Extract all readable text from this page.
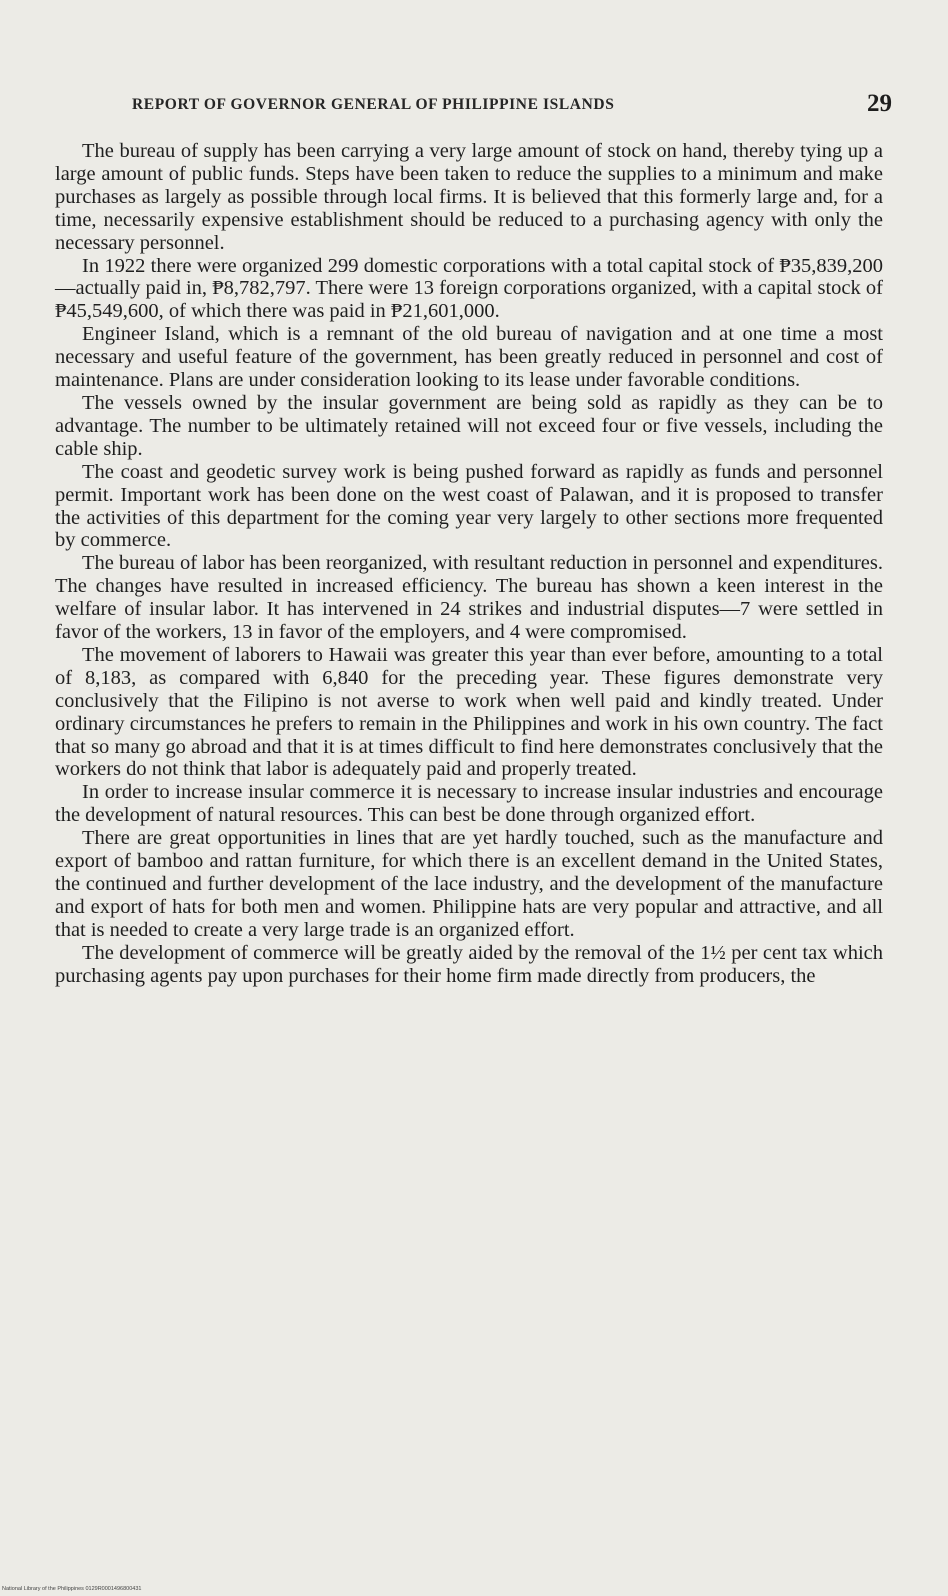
REPORT OF GOVERNOR GENERAL OF PHILIPPINE ISLANDS	29

The bureau of supply has been carrying a very large amount of stock on hand, thereby tying up a large amount of public funds. Steps have been taken to reduce the supplies to a minimum and make purchases as largely as possible through local firms. It is believed that this formerly large and, for a time, necessarily expensive establishment should be reduced to a purchasing agency with only the necessary personnel.

In 1922 there were organized 299 domestic corporations with a total capital stock of ₱35,839,200—actually paid in, ₱8,782,797. There were 13 foreign corporations organized, with a capital stock of ₱45,549,600, of which there was paid in ₱21,601,000.

Engineer Island, which is a remnant of the old bureau of navigation and at one time a most necessary and useful feature of the government, has been greatly reduced in personnel and cost of maintenance. Plans are under consideration looking to its lease under favorable conditions.

The vessels owned by the insular government are being sold as rapidly as they can be to advantage. The number to be ultimately retained will not exceed four or five vessels, including the cable ship.

The coast and geodetic survey work is being pushed forward as rapidly as funds and personnel permit. Important work has been done on the west coast of Palawan, and it is proposed to transfer the activities of this department for the coming year very largely to other sections more frequented by commerce.

The bureau of labor has been reorganized, with resultant reduction in personnel and expenditures. The changes have resulted in increased efficiency. The bureau has shown a keen interest in the welfare of insular labor. It has intervened in 24 strikes and industrial disputes—7 were settled in favor of the workers, 13 in favor of the employers, and 4 were compromised.

The movement of laborers to Hawaii was greater this year than ever before, amounting to a total of 8,183, as compared with 6,840 for the preceding year. These figures demonstrate very conclusively that the Filipino is not averse to work when well paid and kindly treated. Under ordinary circumstances he prefers to remain in the Philippines and work in his own country. The fact that so many go abroad and that it is at times difficult to find here demonstrates conclusively that the workers do not think that labor is adequately paid and properly treated.

In order to increase insular commerce it is necessary to increase insular industries and encourage the development of natural resources. This can best be done through organized effort.

There are great opportunities in lines that are yet hardly touched, such as the manufacture and export of bamboo and rattan furniture, for which there is an excellent demand in the United States, the continued and further development of the lace industry, and the development of the manufacture and export of hats for both men and women. Philippine hats are very popular and attractive, and all that is needed to create a very large trade is an organized effort.

The development of commerce will be greatly aided by the removal of the 1½ per cent tax which purchasing agents pay upon purchases for their home firm made directly from producers, the

National Library of the Philippines 0129R0001496800431
